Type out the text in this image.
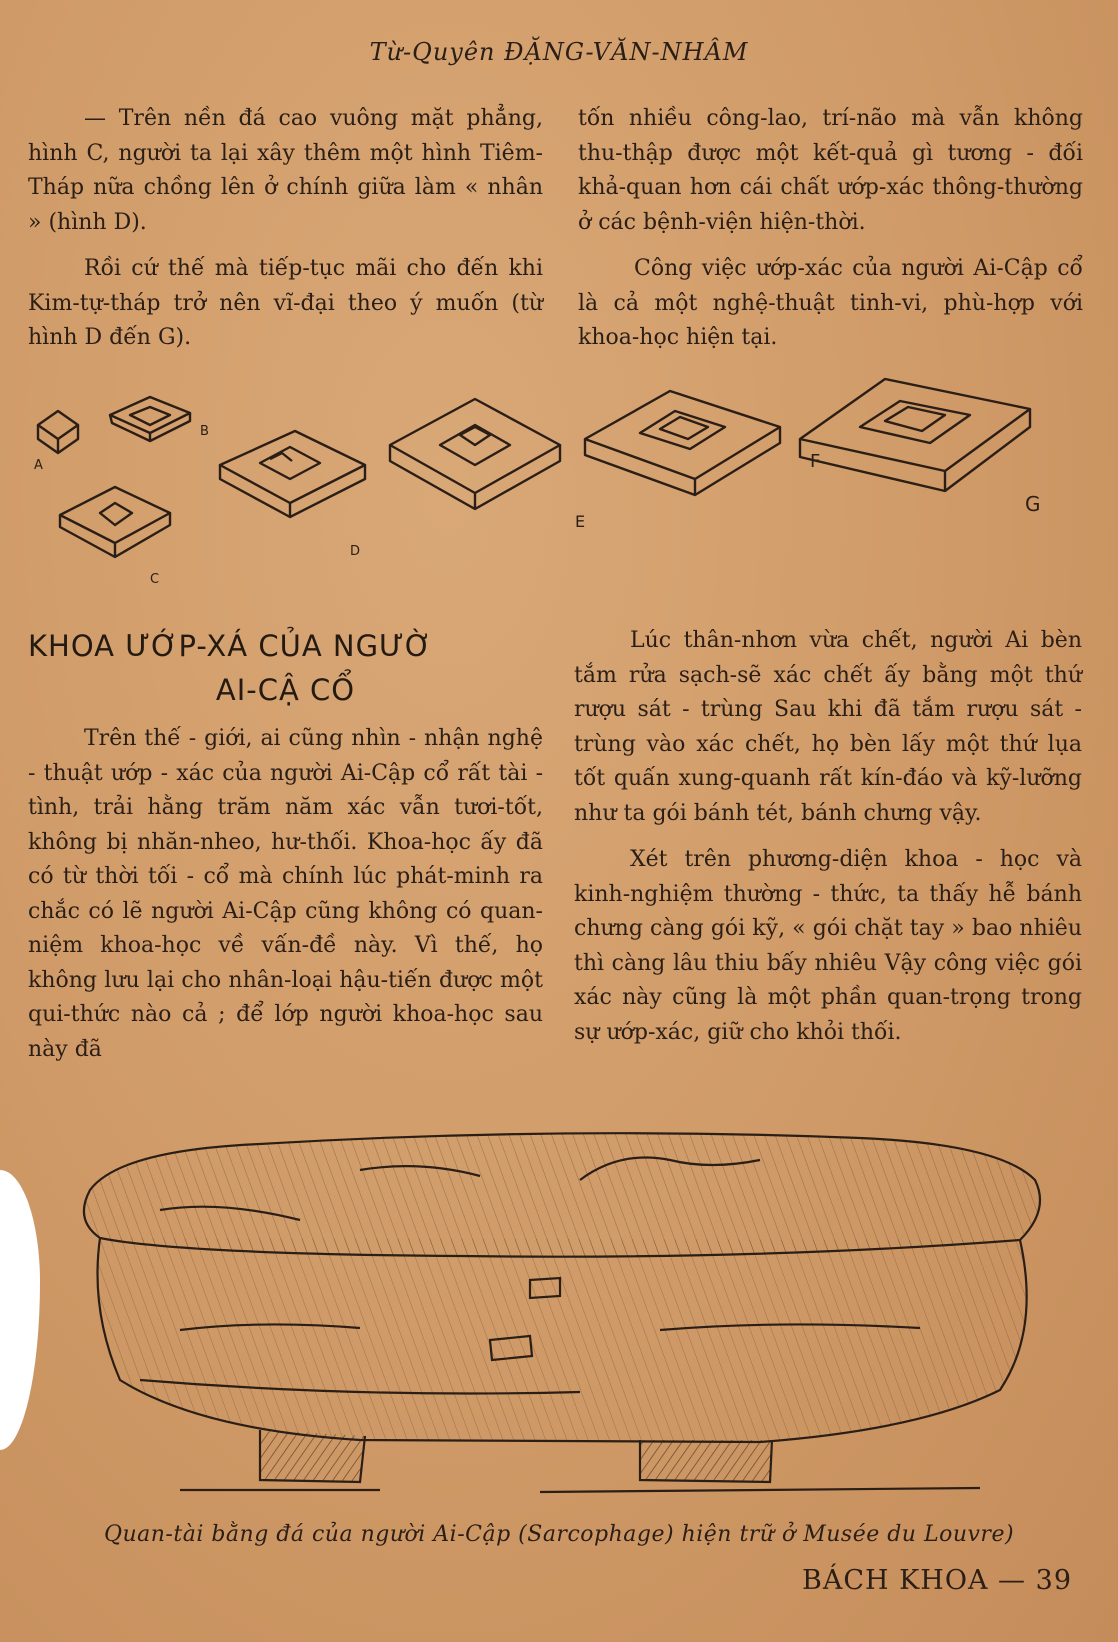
Từ-Quyên ĐẶNG-VĂN-NHÂM

— Trên nền đá cao vuông mặt phẳng, hình C, người ta lại xây thêm một hình Tiêm-Tháp nữa chồng lên ở chính giữa làm « nhân » (hình D).

Rồi cứ thế mà tiếp-tục mãi cho đến khi Kim-tự-tháp trở nên vĩ-đại theo ý muốn (từ hình D đến G).

tốn nhiều công-lao, trí-não mà vẫn không thu-thập được một kết-quả gì tương - đối khả-quan hơn cái chất ướp-xác thông-thường ở các bệnh-viện hiện-thời.

Công việc ướp-xác của người Ai-Cập cổ là cả một nghệ-thuật tinh-vi, phù-hợp với khoa-học hiện tại.

A
B
C
D
E
F
G
KHOA ƯỚP-XÁ CỦA NGƯỜ
AI-CẬ CỔ

Trên thế - giới, ai cũng nhìn - nhận nghệ - thuật ướp - xác của người Ai-Cập cổ rất tài - tình, trải hằng trăm năm xác vẫn tươi-tốt, không bị nhăn-nheo, hư-thối. Khoa-học ấy đã có từ thời tối - cổ mà chính lúc phát-minh ra chắc có lẽ người Ai-Cập cũng không có quan-niệm khoa-học về vấn-đề này. Vì thế, họ không lưu lại cho nhân-loại hậu-tiến được một qui-thức nào cả ; để lớp người khoa-học sau này đã

Lúc thân-nhơn vừa chết, người Ai bèn tắm rửa sạch-sẽ xác chết ấy bằng một thứ rượu sát - trùng Sau khi đã tắm rượu sát - trùng vào xác chết, họ bèn lấy một thứ lụa tốt quấn xung-quanh rất kín-đáo và kỹ-lưỡng như ta gói bánh tét, bánh chưng vậy.

Xét trên phương-diện khoa - học và kinh-nghiệm thường - thức, ta thấy hễ bánh chưng càng gói kỹ, « gói chặt tay » bao nhiêu thì càng lâu thiu bấy nhiêu Vậy công việc gói xác này cũng là một phần quan-trọng trong sự ướp-xác, giữ cho khỏi thối.

Quan-tài bằng đá của người Ai-Cập (Sarcophage) hiện trữ ở Musée du Louvre)
BÁCH KHOA — 39
